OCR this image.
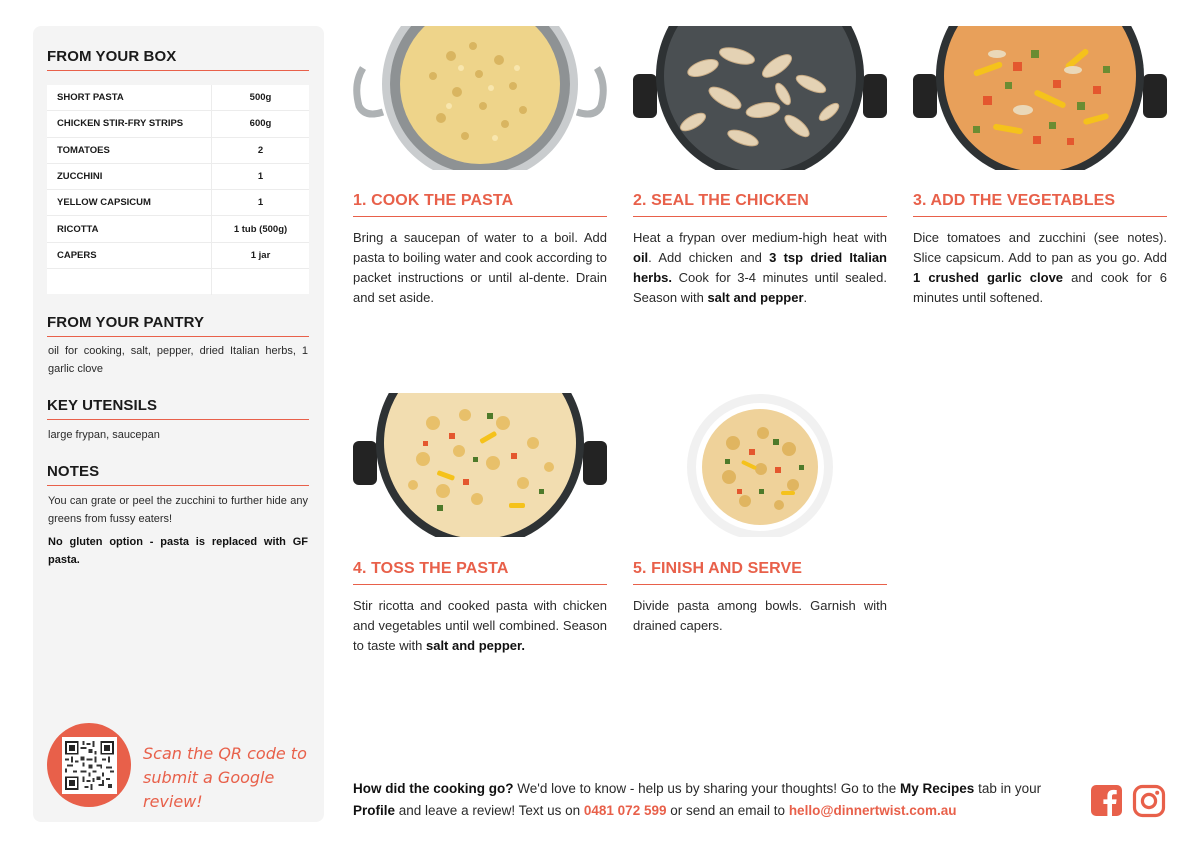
FROM YOUR BOX
SHORT PASTA	500g
CHICKEN STIR-FRY STRIPS	600g
TOMATOES	2
ZUCCHINI	1
YELLOW CAPSICUM	1
RICOTTA	1 tub (500g)
CAPERS	1 jar
FROM YOUR PANTRY
oil for cooking, salt, pepper, dried Italian herbs, 1 garlic clove
KEY UTENSILS
large frypan, saucepan
NOTES
You can grate or peel the zucchini to further hide any greens from fussy eaters!
No gluten option - pasta is replaced with GF pasta.
Scan the QR code to submit a Google review!
1. COOK THE PASTA
Bring a saucepan of water to a boil. Add pasta to boiling water and cook according to packet instructions or until al-dente. Drain and set aside.
2. SEAL THE CHICKEN
Heat a frypan over medium-high heat with oil. Add chicken and 3 tsp dried Italian herbs. Cook for 3-4 minutes until sealed. Season with salt and pepper.
3. ADD THE VEGETABLES
Dice tomatoes and zucchini (see notes). Slice capsicum. Add to pan as you go. Add 1 crushed garlic clove and cook for 6 minutes until softened.
4. TOSS THE PASTA
Stir ricotta and cooked pasta with chicken and vegetables until well combined. Season to taste with salt and pepper.
5. FINISH AND SERVE
Divide pasta among bowls. Garnish with drained capers.
How did the cooking go? We'd love to know - help us by sharing your thoughts! Go to the My Recipes tab in your Profile and leave a review! Text us on 0481 072 599 or send an email to hello@dinnertwist.com.au
